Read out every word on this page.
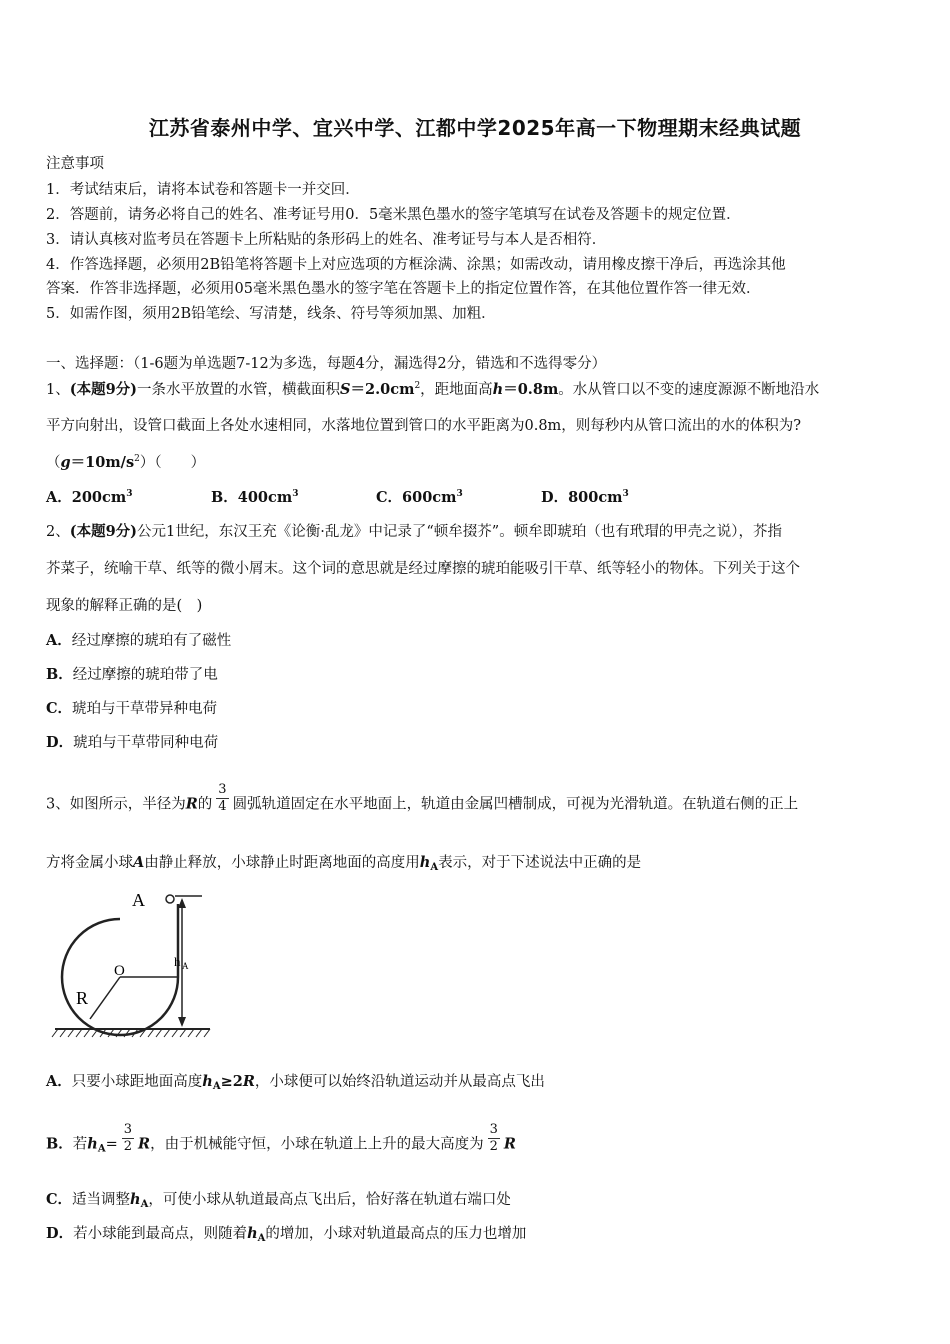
江苏省泰州中学、宜兴中学、江都中学2025年高一下物理期末经典试题
注意事项
1．考试结束后，请将本试卷和答题卡一并交回．
2．答题前，请务必将自己的姓名、准考证号用0．5毫米黑色墨水的签字笔填写在试卷及答题卡的规定位置．
3．请认真核对监考员在答题卡上所粘贴的条形码上的姓名、准考证号与本人是否相符．
4．作答选择题，必须用2B铅笔将答题卡上对应选项的方框涂满、涂黑；如需改动，请用橡皮擦干净后，再选涂其他
答案．作答非选择题，必须用05毫米黑色墨水的签字笔在答题卡上的指定位置作答，在其他位置作答一律无效．
5．如需作图，须用2B铅笔绘、写清楚，线条、符号等须加黑、加粗．
一、选择题：（1-6题为单选题7-12为多选，每题4分，漏选得2分，错选和不选得零分）
1、(本题9分)一条水平放置的水管，横截面积$S=2.0cm^2$，距地面高h＝0.8m。水从管口以不变的速度源源不断地沿水
平方向射出，设管口截面上各处水速相同，水落地位置到管口的水平距离为0.8m，则每秒内从管口流出的水的体积为?
$(g=10m/s^2)$（　　）
A．$200cm^3$	B．$400cm^3$	C．$600cm^3$	D．$800cm^3$
2、(本题9分)公元1世纪，东汉王充《论衡·乱龙》中记录了“顿牟掇芥”。顿牟即琥珀（也有玳瑁的甲壳之说），芥指
芥菜子，统喻干草、纸等的微小屑末。这个词的意思就是经过摩擦的琥珀能吸引干草、纸等轻小的物体。下列关于这个
现象的解释正确的是(　)
A．经过摩擦的琥珀有了磁性
B．经过摩擦的琥珀带了电
C．琥珀与干草带异种电荷
D．琥珀与干草带同种电荷
3、如图所示，半径为R的 $\frac{3}{4}$ 圆弧轨道固定在水平地面上，轨道由金属凹槽制成，可视为光滑轨道。在轨道右侧的正上
方将金属小球A由静止释放，小球静止时距离地面的高度用$h_A$表示，对于下述说法中正确的是
A
O
R
h A
A．只要小球距地面高度$h_A\ge 2R$，小球便可以始终沿轨道运动并从最高点飞出
B．若$h_A= \frac{3}{2}$ R，由于机械能守恒，小球在轨道上上升的最大高度为 $\frac{3}{2}$ R
C．适当调整$h_A$，可使小球从轨道最高点飞出后，恰好落在轨道右端口处
D．若小球能到最高点，则随着$h_A$的增加，小球对轨道最高点的压力也增加
